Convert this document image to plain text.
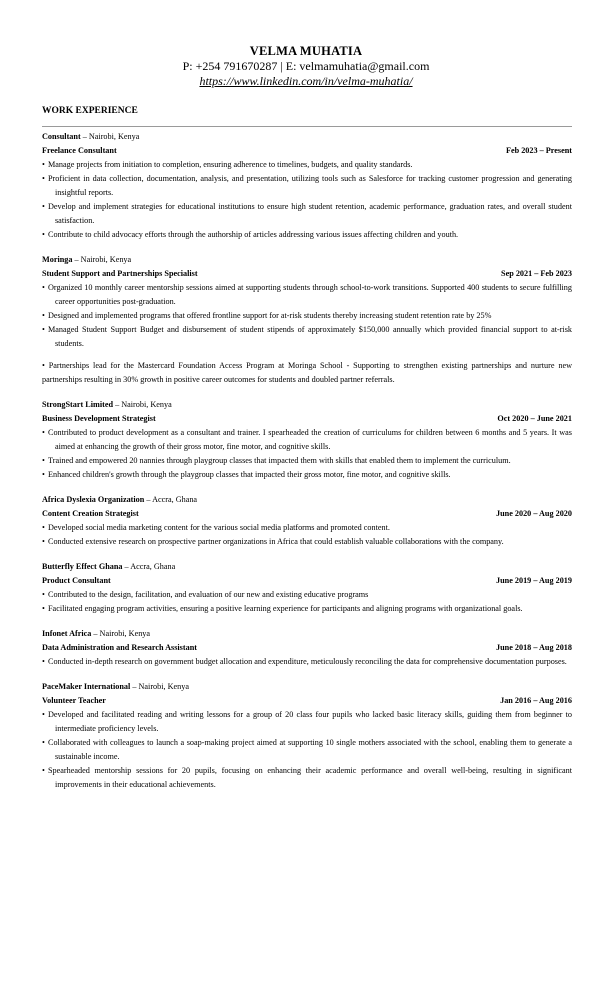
VELMA MUHATIA
P: +254 791670287 | E: velmamuhatia@gmail.com
https://www.linkedin.com/in/velma-muhatia/
WORK EXPERIENCE
Consultant – Nairobi, Kenya
Freelance Consultant	Feb 2023 – Present
• Manage projects from initiation to completion, ensuring adherence to timelines, budgets, and quality standards.
• Proficient in data collection, documentation, analysis, and presentation, utilizing tools such as Salesforce for tracking customer progression and generating insightful reports.
• Develop and implement strategies for educational institutions to ensure high student retention, academic performance, graduation rates, and overall student satisfaction.
• Contribute to child advocacy efforts through the authorship of articles addressing various issues affecting children and youth.
Moringa – Nairobi, Kenya
Student Support and Partnerships Specialist	Sep 2021 – Feb 2023
• Organized 10 monthly career mentorship sessions aimed at supporting students through school-to-work transitions. Supported 400 students to secure fulfilling career opportunities post-graduation.
• Designed and implemented programs that offered frontline support for at-risk students thereby increasing student retention rate by 25%
• Managed Student Support Budget and disbursement of student stipends of approximately $150,000 annually which provided financial support to at-risk students.
• Partnerships lead for the Mastercard Foundation Access Program at Moringa School - Supporting to strengthen existing partnerships and nurture new partnerships resulting in 30% growth in positive career outcomes for students and doubled partner referrals.
StrongStart Limited – Nairobi, Kenya
Business Development Strategist	Oct 2020 – June 2021
• Contributed to product development as a consultant and trainer. I spearheaded the creation of curriculums for children between 6 months and 5 years. It was aimed at enhancing the growth of their gross motor, fine motor, and cognitive skills.
• Trained and empowered 20 nannies through playgroup classes that impacted them with skills that enabled them to implement the curriculum.
• Enhanced children's growth through the playgroup classes that impacted their gross motor, fine motor, and cognitive skills.
Africa Dyslexia Organization – Accra, Ghana
Content Creation Strategist	June 2020 – Aug 2020
• Developed social media marketing content for the various social media platforms and promoted content.
• Conducted extensive research on prospective partner organizations in Africa that could establish valuable collaborations with the company.
Butterfly Effect Ghana – Accra, Ghana
Product Consultant	June 2019 – Aug 2019
• Contributed to the design, facilitation, and evaluation of our new and existing educative programs
• Facilitated engaging program activities, ensuring a positive learning experience for participants and aligning programs with organizational goals.
Infonet Africa – Nairobi, Kenya
Data Administration and Research Assistant	June 2018 – Aug 2018
• Conducted in-depth research on government budget allocation and expenditure, meticulously reconciling the data for comprehensive documentation purposes.
PaceMaker International – Nairobi, Kenya
Volunteer Teacher	Jan 2016 – Aug 2016
• Developed and facilitated reading and writing lessons for a group of 20 class four pupils who lacked basic literacy skills, guiding them from beginner to intermediate proficiency levels.
• Collaborated with colleagues to launch a soap-making project aimed at supporting 10 single mothers associated with the school, enabling them to generate a sustainable income.
• Spearheaded mentorship sessions for 20 pupils, focusing on enhancing their academic performance and overall well-being, resulting in significant improvements in their educational achievements.
